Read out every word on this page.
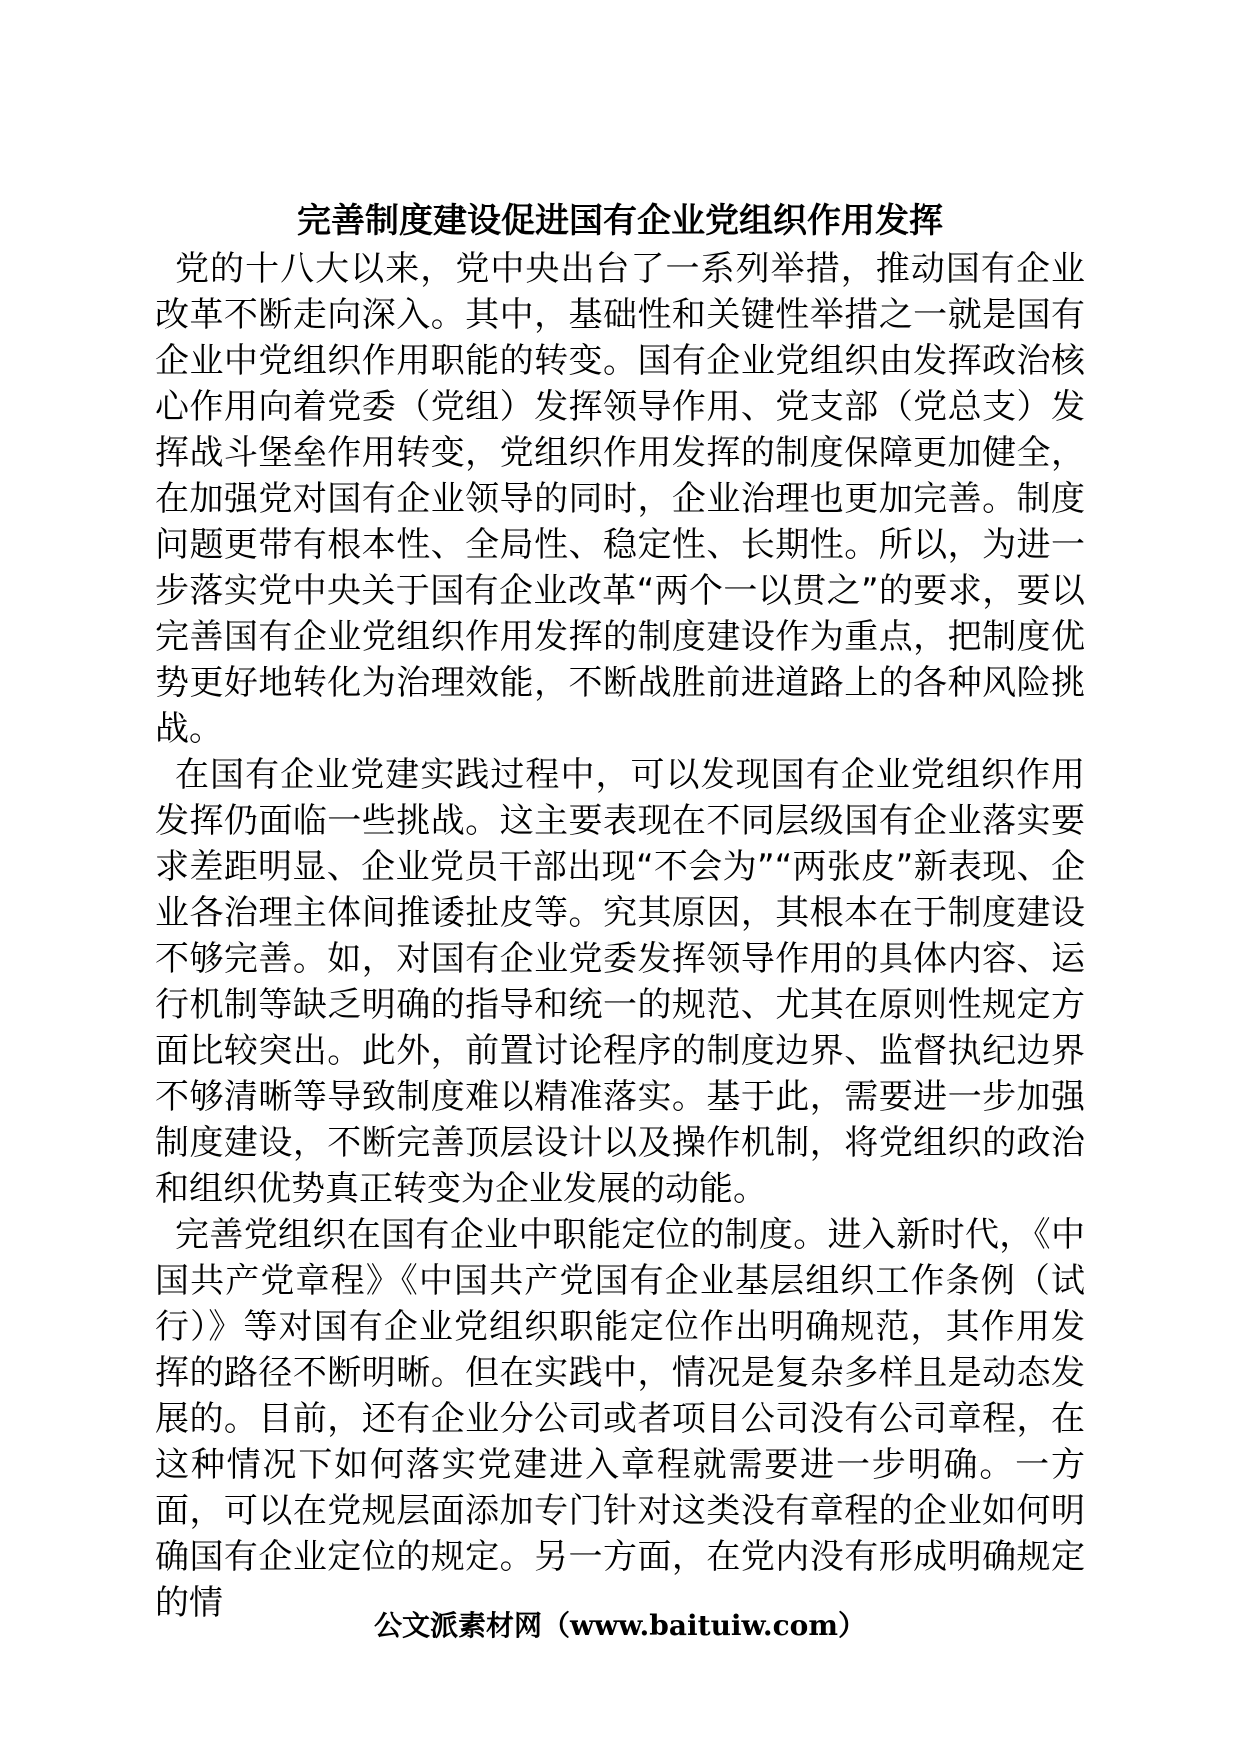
完善制度建设促进国有企业党组织作用发挥

党的十八大以来，党中央出台了一系列举措，推动国有企业改革不断走向深入。其中，基础性和关键性举措之一就是国有企业中党组织作用职能的转变。国有企业党组织由发挥政治核心作用向着党委（党组）发挥领导作用、党支部（党总支）发挥战斗堡垒作用转变，党组织作用发挥的制度保障更加健全，在加强党对国有企业领导的同时，企业治理也更加完善。制度问题更带有根本性、全局性、稳定性、长期性。所以，为进一步落实党中央关于国有企业改革“两个一以贯之”的要求，要以完善国有企业党组织作用发挥的制度建设作为重点，把制度优势更好地转化为治理效能，不断战胜前进道路上的各种风险挑战。

在国有企业党建实践过程中，可以发现国有企业党组织作用发挥仍面临一些挑战。这主要表现在不同层级国有企业落实要求差距明显、企业党员干部出现“不会为”“两张皮”新表现、企业各治理主体间推诿扯皮等。究其原因，其根本在于制度建设不够完善。如，对国有企业党委发挥领导作用的具体内容、运行机制等缺乏明确的指导和统一的规范、尤其在原则性规定方面比较突出。此外，前置讨论程序的制度边界、监督执纪边界不够清晰等导致制度难以精准落实。基于此，需要进一步加强制度建设，不断完善顶层设计以及操作机制，将党组织的政治和组织优势真正转变为企业发展的动能。

完善党组织在国有企业中职能定位的制度。进入新时代，《中国共产党章程》《中国共产党国有企业基层组织工作条例（试行）》等对国有企业党组织职能定位作出明确规范，其作用发挥的路径不断明晰。但在实践中，情况是复杂多样且是动态发展的。目前，还有企业分公司或者项目公司没有公司章程，在这种情况下如何落实党建进入章程就需要进一步明确。一方面，可以在党规层面添加专门针对这类没有章程的企业如何明确国有企业定位的规定。另一方面，在党内没有形成明确规定的情

公文派素材网（www.baituiw.com）
